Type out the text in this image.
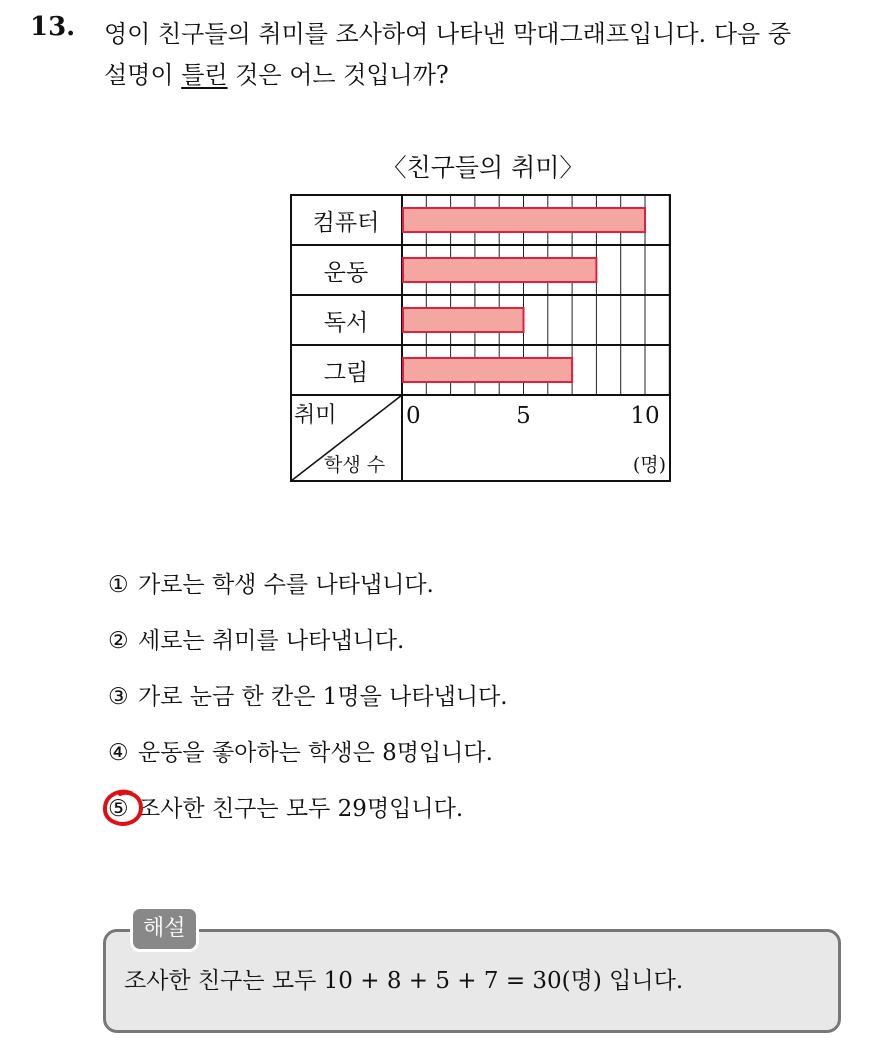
13. 영이 친구들의 취미를 조사하여 나타낸 막대그래프입니다. 다음 중
설명이 틀린 것은 어느 것입니까?
〈친구들의 취미〉
컴퓨터
운동
독서
그림
0	5	10
취미
학생 수	(명)
① 가로는 학생 수를 나타냅니다.
② 세로는 취미를 나타냅니다.
③ 가로 눈금 한 칸은 1명을 나타냅니다.
④ 운동을 좋아하는 학생은 8명입니다.
⑤ 조사한 친구는 모두 29명입니다.
해설
조사한 친구는 모두 10 + 8 + 5 + 7 = 30(명) 입니다.
